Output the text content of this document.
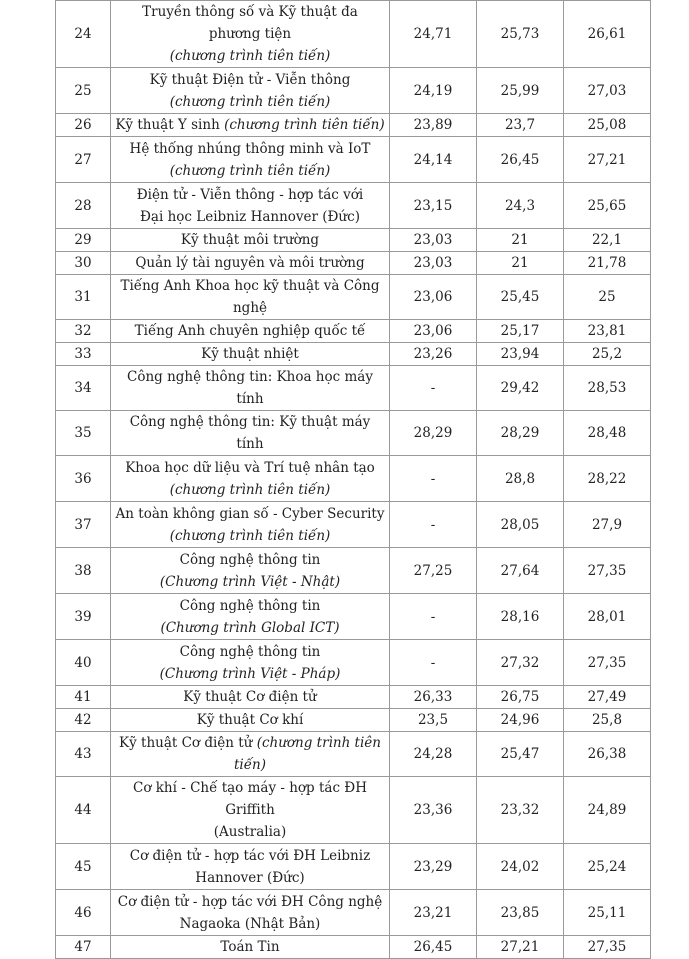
24	Truyền thông số và Kỹ thuật đa phương tiện
(chương trình tiên tiến)	24,71	25,73	26,61
25	Kỹ thuật Điện tử - Viễn thông
(chương trình tiên tiến)	24,19	25,99	27,03
26	Kỹ thuật Y sinh (chương trình tiên tiến)	23,89	23,7	25,08
27	Hệ thống nhúng thông minh và IoT
(chương trình tiên tiến)	24,14	26,45	27,21
28	Điện tử - Viễn thông - hợp tác với
Đại học Leibniz Hannover (Đức)	23,15	24,3	25,65
29	Kỹ thuật môi trường	23,03	21	22,1
30	Quản lý tài nguyên và môi trường	23,03	21	21,78
31	Tiếng Anh Khoa học kỹ thuật và Công nghệ	23,06	25,45	25
32	Tiếng Anh chuyên nghiệp quốc tế	23,06	25,17	23,81
33	Kỹ thuật nhiệt	23,26	23,94	25,2
34	Công nghệ thông tin: Khoa học máy tính	-	29,42	28,53
35	Công nghệ thông tin: Kỹ thuật máy tính	28,29	28,29	28,48
36	Khoa học dữ liệu và Trí tuệ nhân tạo
(chương trình tiên tiến)	-	28,8	28,22
37	An toàn không gian số - Cyber Security
(chương trình tiên tiến)	-	28,05	27,9
38	Công nghệ thông tin
(Chương trình Việt - Nhật)	27,25	27,64	27,35
39	Công nghệ thông tin
(Chương trình Global ICT)	-	28,16	28,01
40	Công nghệ thông tin
(Chương trình Việt - Pháp)	-	27,32	27,35
41	Kỹ thuật Cơ điện tử	26,33	26,75	27,49
42	Kỹ thuật Cơ khí	23,5	24,96	25,8
43	Kỹ thuật Cơ điện tử (chương trình tiên tiến)	24,28	25,47	26,38
44	Cơ khí - Chế tạo máy - hợp tác ĐH Griffith
(Australia)	23,36	23,32	24,89
45	Cơ điện tử - hợp tác với ĐH Leibniz
Hannover (Đức)	23,29	24,02	25,24
46	Cơ điện tử - hợp tác với ĐH Công nghệ
Nagaoka (Nhật Bản)	23,21	23,85	25,11
47	Toán Tin	26,45	27,21	27,35
